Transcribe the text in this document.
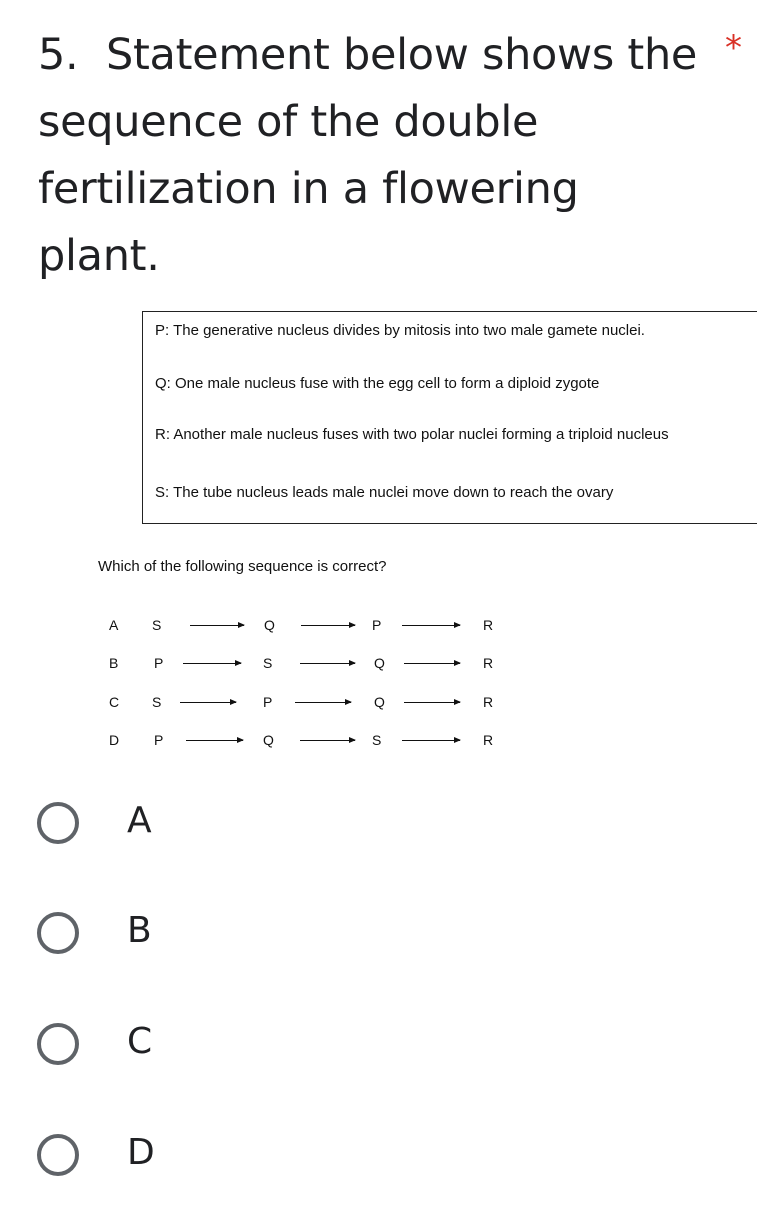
5. Statement below shows the sequence of the double fertilization in a flowering plant.
*
P: The generative nucleus divides by mitosis into two male gamete nuclei.
Q: One male nucleus fuse with the egg cell to form a diploid zygote
R: Another male nucleus fuses with two polar nuclei forming a triploid nucleus
S: The tube nucleus leads male nuclei move down to reach the ovary
Which of the following sequence is correct?
A S	Q	P	R
B	P	S	Q	R
C S	P	Q	R
D P	Q	S	R
A
B
C
D
